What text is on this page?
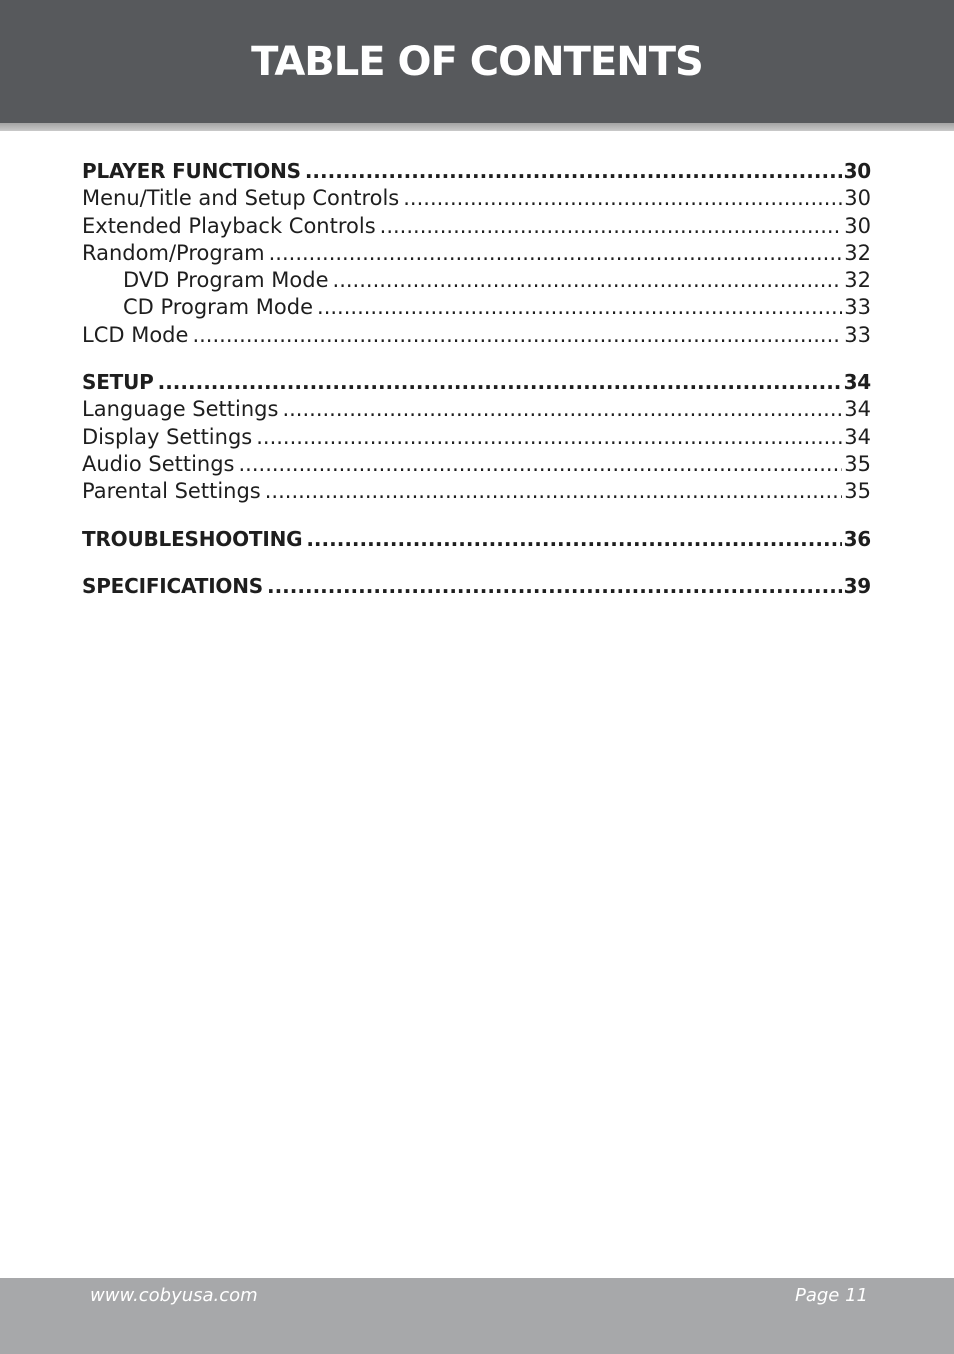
TABLE OF CONTENTS
PLAYER FUNCTIONS .....	30
Menu/Title and Setup Controls .....	30
Extended Playback Controls .....	30
Random/Program .....	32
DVD Program Mode .....	32
CD Program Mode .....	33
LCD Mode .....	33
SETUP .....	34
Language Settings .....	34
Display Settings .....	34
Audio Settings .....	35
Parental Settings .....	35
TROUBLESHOOTING .....	36
SPECIFICATIONS .....	39
www.cobyusa.com	Page 11
